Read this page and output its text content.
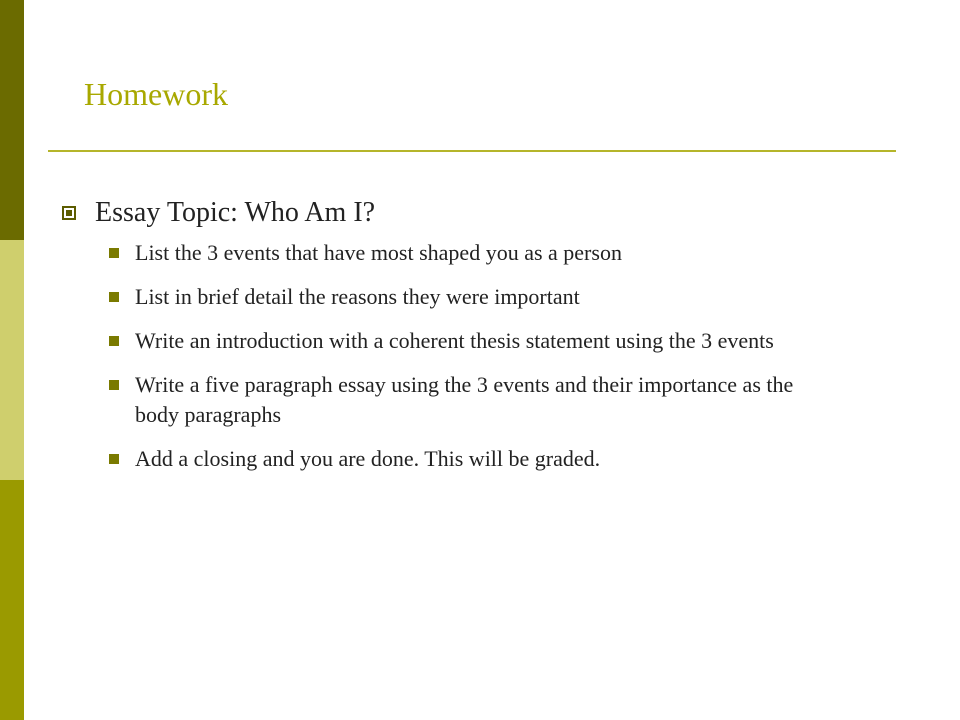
Homework

Essay Topic: Who Am I?

List the 3 events that have most shaped you as a person
List in brief detail the reasons they were important
Write an introduction with a coherent thesis statement using the 3 events
Write a five paragraph essay using the 3 events and their importance as the body paragraphs
Add a closing and you are done. This will be graded.
